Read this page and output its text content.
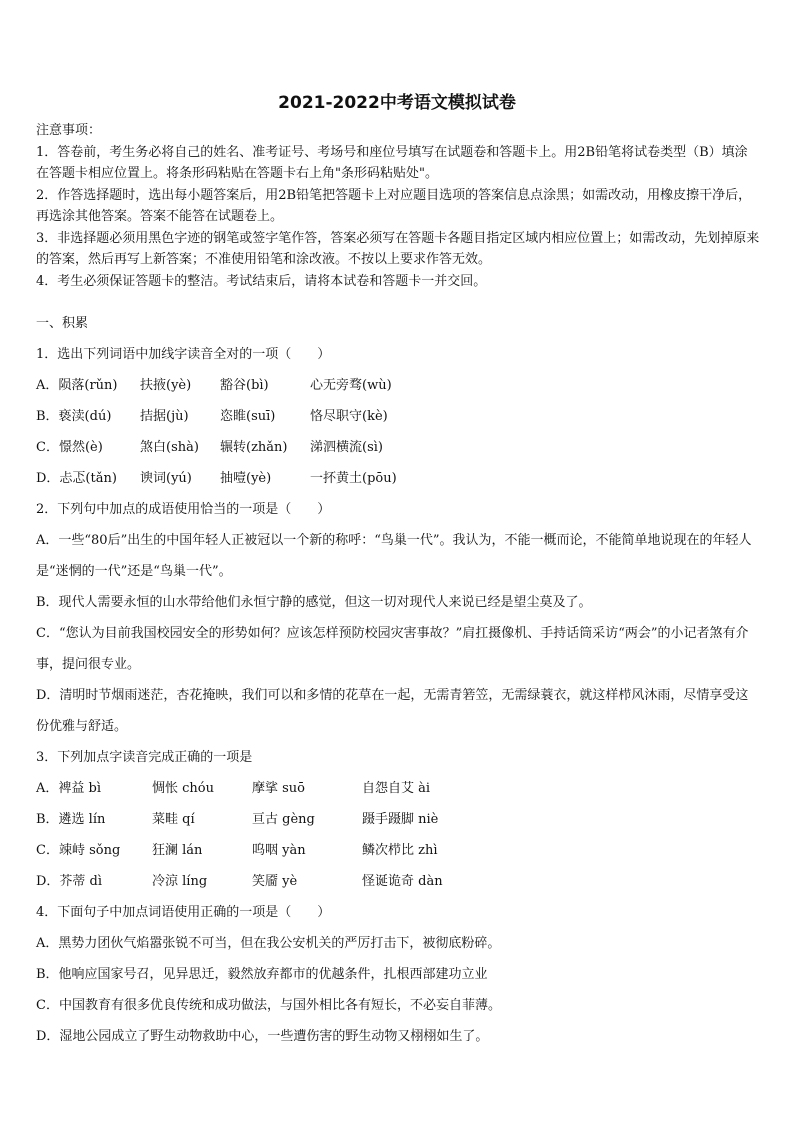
2021-2022中考语文模拟试卷

注意事项：

1．答卷前，考生务必将自己的姓名、准考证号、考场号和座位号填写在试题卷和答题卡上。用2B铅笔将试卷类型（B）填涂在答题卡相应位置上。将条形码粘贴在答题卡右上角"条形码粘贴处"。

2．作答选择题时，选出每小题答案后，用2B铅笔把答题卡上对应题目选项的答案信息点涂黑；如需改动，用橡皮擦干净后，再选涂其他答案。答案不能答在试题卷上。

3．非选择题必须用黑色字迹的钢笔或签字笔作答，答案必须写在答题卡各题目指定区域内相应位置上；如需改动，先划掉原来的答案，然后再写上新答案；不准使用铅笔和涂改液。不按以上要求作答无效。

4．考生必须保证答题卡的整洁。考试结束后，请将本试卷和答题卡一并交回。

一、积累

1．选出下列词语中加线字读音全对的一项（　　）

A．陨落(rǔn)	扶掖(yè)	豁谷(bì)	心无旁骛(wù)
B．亵渎(dú)	拮据(jù)	恣睢(suī)	恪尽职守(kè)
C．憬然(è)	煞白(shà)	辗转(zhǎn)	涕泗横流(sì)
D．忐忑(tǎn)	谀词(yú)	抽噎(yè)	一抔黄土(pōu)

2．下列句中加点的成语使用恰当的一项是（　　）

A．一些“80后”出生的中国年轻人正被冠以一个新的称呼：“鸟巢一代”。我认为，不能一概而论，不能简单地说现在的年轻人是“迷惘的一代”还是“鸟巢一代”。

B．现代人需要永恒的山水带给他们永恒宁静的感觉，但这一切对现代人来说已经是望尘莫及了。

C．“您认为目前我国校园安全的形势如何？应该怎样预防校园灾害事故？”肩扛摄像机、手持话筒采访“两会”的小记者煞有介事，提问很专业。

D．清明时节烟雨迷茫，杏花掩映，我们可以和多情的花草在一起，无需青箬笠，无需绿蓑衣，就这样栉风沐雨，尽情享受这份优雅与舒适。

3．下列加点字读音完成正确的一项是

A．裨益 bì	惆怅 chóu	摩挲 suō	自怨自艾 ài
B．遴选 lín	菜畦 qí	亘古 gèng	蹑手蹑脚 niè
C．竦峙 sǒng	狂澜 lán	呜咽 yàn	鳞次栉比 zhì
D．芥蒂 dì	冷涼 líng	笑靥 yè	怪诞诡奇 dàn

4．下面句子中加点词语使用正确的一项是（　　）

A．黑势力团伙气焰嚣张锐不可当，但在我公安机关的严厉打击下，被彻底粉碎。

B．他响应国家号召，见异思迁，毅然放弃都市的优越条件，扎根西部建功立业

C．中国教育有很多优良传统和成功做法，与国外相比各有短长，不必妄自菲薄。

D．湿地公园成立了野生动物救助中心，一些遭伤害的野生动物又栩栩如生了。
